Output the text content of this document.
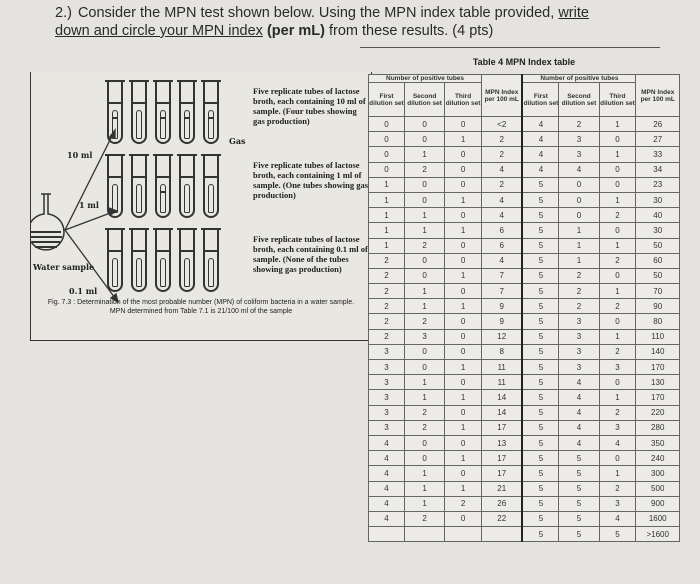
2.) Consider the MPN test shown below. Using the MPN index table provided, write down and circle your MPN index (per mL) from these results. (4 pts)
Water sample
Gas
Fig. 7.3 : Determination of the most probable number (MPN) of coliform bacteria in a water sample.
MPN determined from Table 7.1 is 21/100 ml of the sample
10 ml
Five replicate tubes of lactose broth, each containing 10 ml of sample. (Four tubes showing gas production)
1 ml
Five replicate tubes of lactose broth, each containing 1 ml of sample. (One tubes showing gas production)
0.1 ml
Five replicate tubes of lactose broth, each containing 0.1 ml of sample. (None of the tubes showing gas production)
Table 4 MPN Index table
Number of positive tubes			MPN Index per 100 mL	Number of positive tubes			MPN Index per 100 mL
First dilution set	Second dilution set	Third dilution set		First dilution set	Second dilution set	Third dilution set	
0	0	0	<2	4	2	1	26
0	0	1	2	4	3	0	27
0	1	0	2	4	3	1	33
0	2	0	4	4	4	0	34
1	0	0	2	5	0	0	23
1	0	1	4	5	0	1	30
1	1	0	4	5	0	2	40
1	1	1	6	5	1	0	30
1	2	0	6	5	1	1	50
2	0	0	4	5	1	2	60
2	0	1	7	5	2	0	50
2	1	0	7	5	2	1	70
2	1	1	9	5	2	2	90
2	2	0	9	5	3	0	80
2	3	0	12	5	3	1	110
3	0	0	8	5	3	2	140
3	0	1	11	5	3	3	170
3	1	0	11	5	4	0	130
3	1	1	14	5	4	1	170
3	2	0	14	5	4	2	220
3	2	1	17	5	4	3	280
4	0	0	13	5	4	4	350
4	0	1	17	5	5	0	240
4	1	0	17	5	5	1	300
4	1	1	21	5	5	2	500
4	1	2	26	5	5	3	900
4	2	0	22	5	5	4	1600
				5	5	5	>1600
